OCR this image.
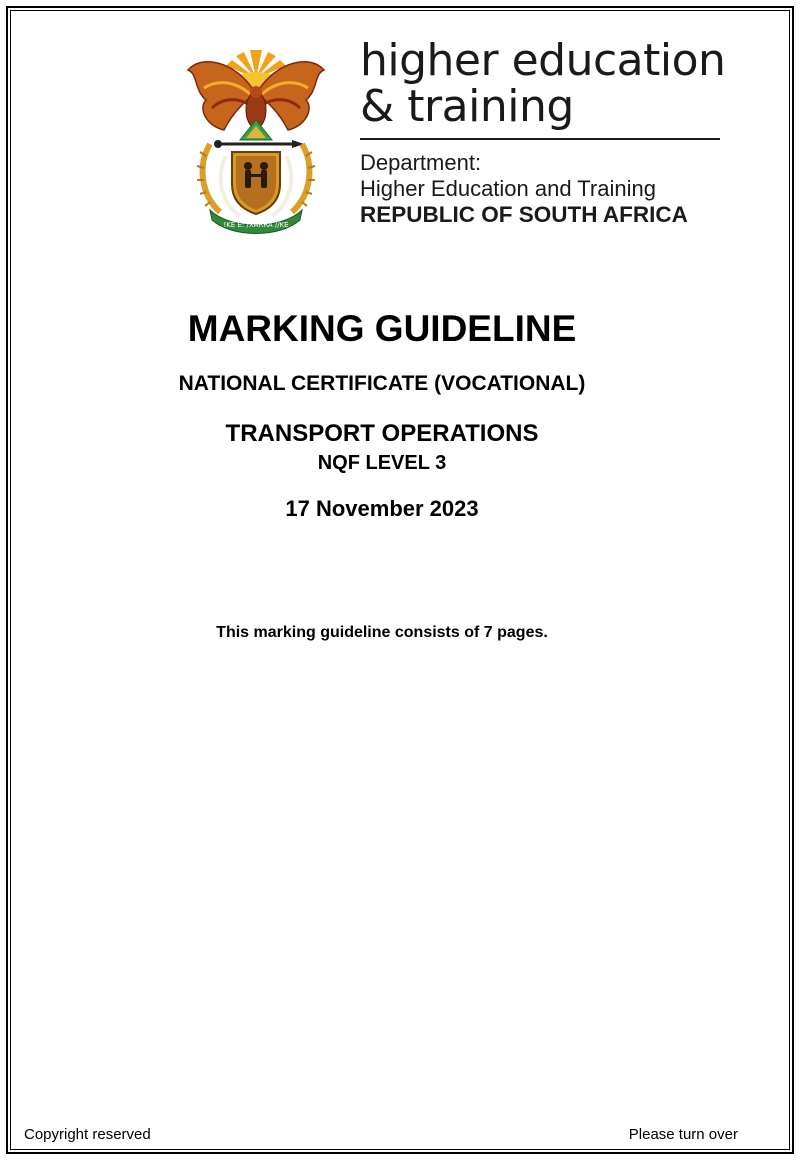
!KE E: /XARRA //KE

higher education

& training

Department:

Higher Education and Training

REPUBLIC OF SOUTH AFRICA

MARKING GUIDELINE
NATIONAL CERTIFICATE (VOCATIONAL)
TRANSPORT OPERATIONS
NQF LEVEL 3
17 November 2023
This marking guideline consists of 7 pages.
Copyright reserved	Please turn over
